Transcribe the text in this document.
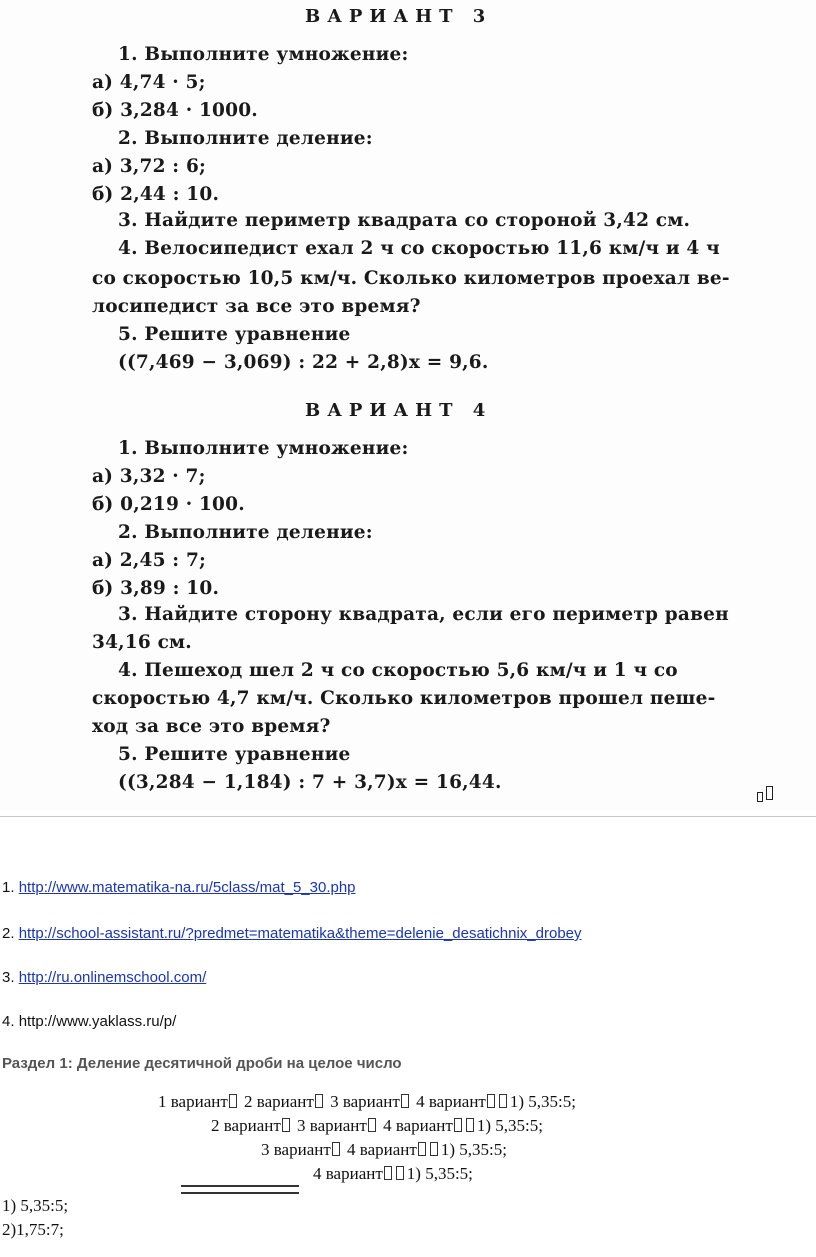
ВАРИАНТ 3
1. Выполните умножение:
а) 4,74 · 5;
б) 3,284 · 1000.
2. Выполните деление:
а) 3,72 : 6;
б) 2,44 : 10.
3. Найдите периметр квадрата со стороной 3,42 см.
4. Велосипедист ехал 2 ч со скоростью 11,6 км/ч и 4 ч
со скоростью 10,5 км/ч. Сколько километров проехал ве-
лосипедист за все это время?
5. Решите уравнение
((7,469 − 3,069) : 22 + 2,8)x = 9,6.
ВАРИАНТ 4
1. Выполните умножение:
а) 3,32 · 7;
б) 0,219 · 100.
2. Выполните деление:
а) 2,45 : 7;
б) 3,89 : 10.
3. Найдите сторону квадрата, если его периметр равен
34,16 см.
4. Пешеход шел 2 ч со скоростью 5,6 км/ч и 1 ч со
скоростью 4,7 км/ч. Сколько километров прошел пеше-
ход за все это время?
5. Решите уравнение
((3,284 − 1,184) : 7 + 3,7)x = 16,44.
1. http://www.matematika-na.ru/5class/mat_5_30.php
2. http://school-assistant.ru/?predmet=matematika&theme=delenie_desatichnix_drobey
3. http://ru.onlinemschool.com/
4. http://www.yaklass.ru/p/
Раздел 1: Деление десятичной дроби на целое число
1 вариант 2 вариант 3 вариант 4 вариант 1) 5,35:5;
2 вариант 3 вариант 4 вариант 1) 5,35:5;
3 вариант 4 вариант 1) 5,35:5;
4 вариант 1) 5,35:5;
1) 5,35:5;
2)1,75:7;
